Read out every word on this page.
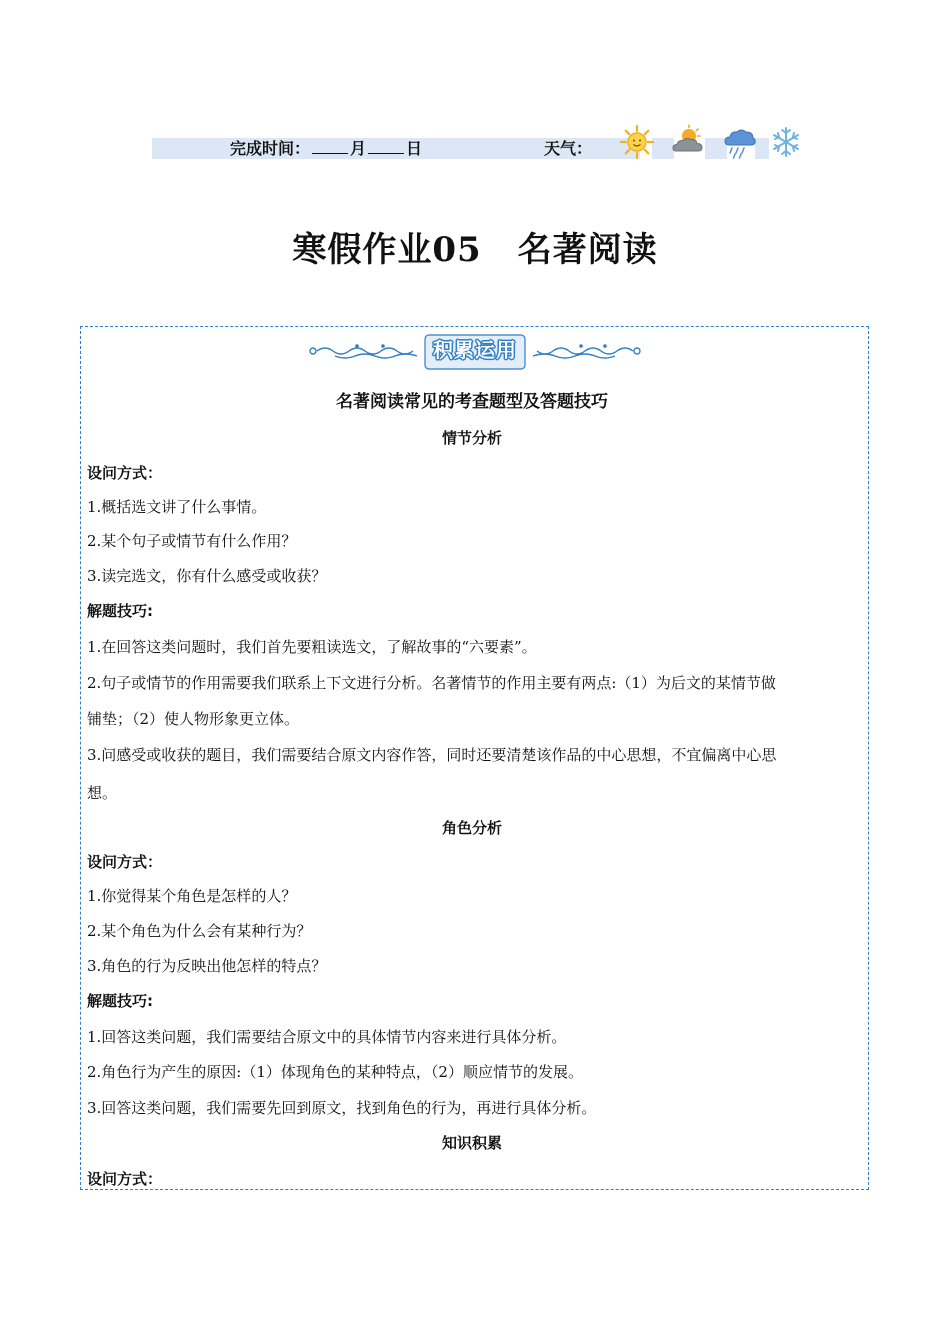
完成时间：	月	日	天气：
寒假作业05 名著阅读
积累运用
名著阅读常见的考查题型及答题技巧
情节分析
设问方式：
1.概括选文讲了什么事情。
2.某个句子或情节有什么作用？
3.读完选文，你有什么感受或收获？
解题技巧:
1.在回答这类问题时，我们首先要粗读选文，了解故事的“六要素”。
2.句子或情节的作用需要我们联系上下文进行分析。名著情节的作用主要有两点:（1）为后文的某情节做
铺垫；（2）使人物形象更立体。
3.问感受或收获的题目，我们需要结合原文内容作答，同时还要清楚该作品的中心思想，不宜偏离中心思
想。
角色分析
设问方式：
1.你觉得某个角色是怎样的人？
2.某个角色为什么会有某种行为？
3.角色的行为反映出他怎样的特点？
解题技巧:
1.回答这类问题，我们需要结合原文中的具体情节内容来进行具体分析。
2.角色行为产生的原因:（1）体现角色的某种特点，（2）顺应情节的发展。
3.回答这类问题，我们需要先回到原文，找到角色的行为，再进行具体分析。
知识积累
设问方式：
